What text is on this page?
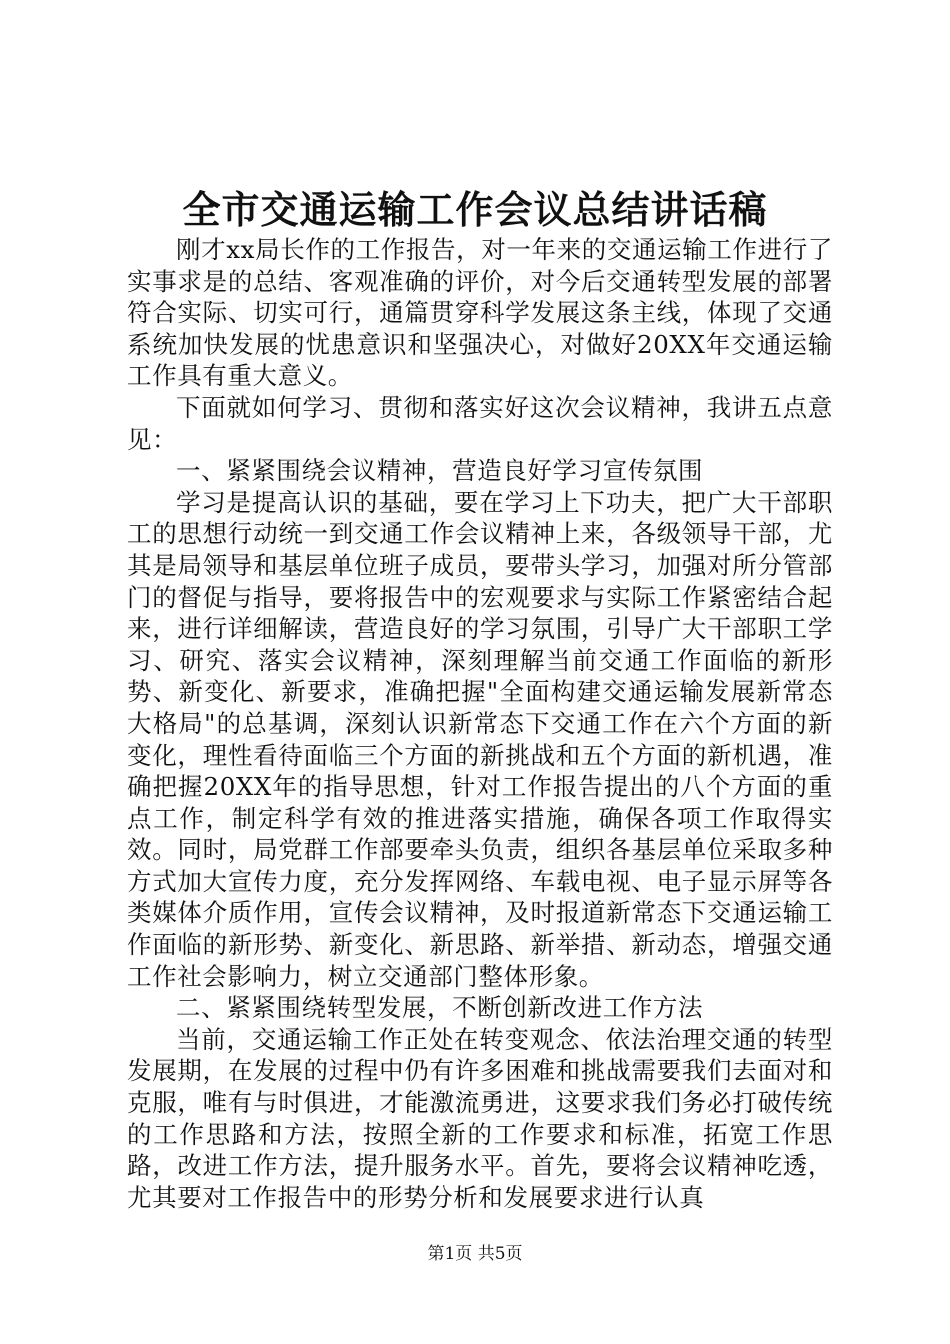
全市交通运输工作会议总结讲话稿

刚才xx局长作的工作报告，对一年来的交通运输工作进行了实事求是的总结、客观准确的评价，对今后交通转型发展的部署符合实际、切实可行，通篇贯穿科学发展这条主线，体现了交通系统加快发展的忧患意识和坚强决心，对做好20XX年交通运输工作具有重大意义。

下面就如何学习、贯彻和落实好这次会议精神，我讲五点意见：

一、紧紧围绕会议精神，营造良好学习宣传氛围

学习是提高认识的基础，要在学习上下功夫，把广大干部职工的思想行动统一到交通工作会议精神上来，各级领导干部，尤其是局领导和基层单位班子成员，要带头学习，加强对所分管部门的督促与指导，要将报告中的宏观要求与实际工作紧密结合起来，进行详细解读，营造良好的学习氛围，引导广大干部职工学习、研究、落实会议精神，深刻理解当前交通工作面临的新形势、新变化、新要求，准确把握"全面构建交通运输发展新常态大格局"的总基调，深刻认识新常态下交通工作在六个方面的新变化，理性看待面临三个方面的新挑战和五个方面的新机遇，准确把握20XX年的指导思想，针对工作报告提出的八个方面的重点工作，制定科学有效的推进落实措施，确保各项工作取得实效。同时，局党群工作部要牵头负责，组织各基层单位采取多种方式加大宣传力度，充分发挥网络、车载电视、电子显示屏等各类媒体介质作用，宣传会议精神，及时报道新常态下交通运输工作面临的新形势、新变化、新思路、新举措、新动态，增强交通工作社会影响力，树立交通部门整体形象。

二、紧紧围绕转型发展，不断创新改进工作方法

当前，交通运输工作正处在转变观念、依法治理交通的转型发展期，在发展的过程中仍有许多困难和挑战需要我们去面对和克服，唯有与时俱进，才能激流勇进，这要求我们务必打破传统的工作思路和方法，按照全新的工作要求和标准，拓宽工作思路，改进工作方法，提升服务水平。首先，要将会议精神吃透，尤其要对工作报告中的形势分析和发展要求进行认真

第1页 共5页
